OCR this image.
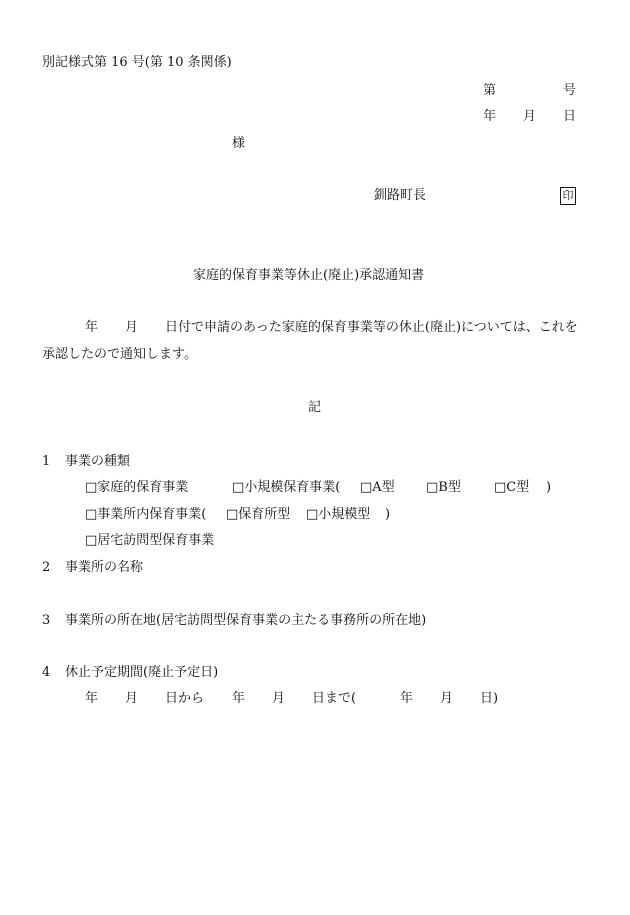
別記様式第 16 号(第 10 条関係)
第	号
年 月 日
様
釧路町長	印
家庭的保育事業等休止(廃止)承認通知書
年 月 日付で申請のあった家庭的保育事業等の休止(廃止)については、これを
承認したので通知します。
記
1 事業の種類
□家庭的保育事業	□小規模保育事業( □A型 □B型	□C型 )
□事業所内保育事業( □保育所型 □小規模型 )
□居宅訪問型保育事業
2 事業所の名称
3 事業所の所在地(居宅訪問型保育事業の主たる事務所の所在地)
4 休止予定期間(廃止予定日)
年 月 日から 年 月 日まで(	年 月 日)
